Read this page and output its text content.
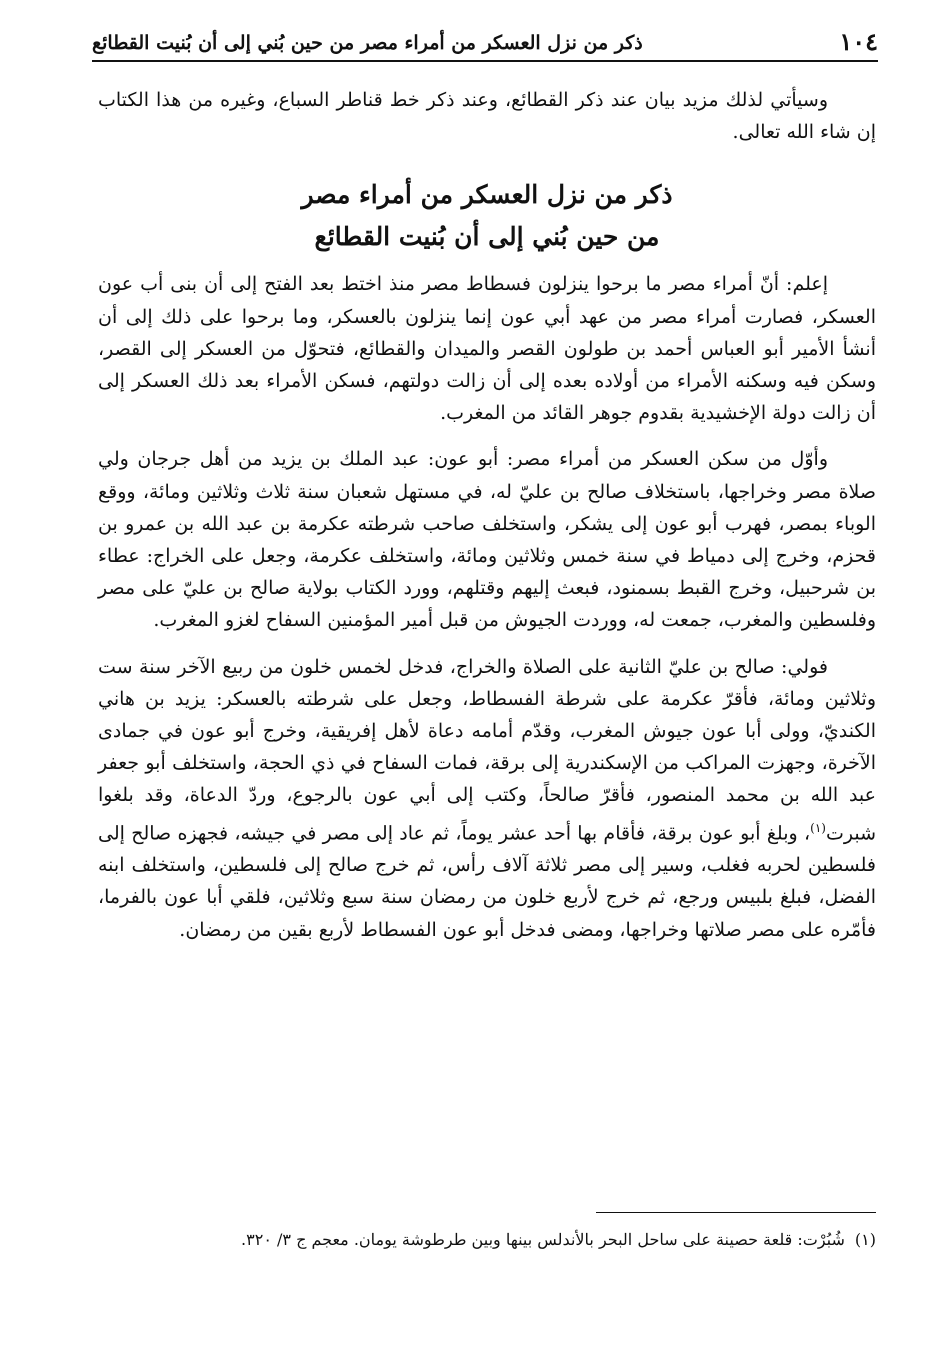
١٠٤
ذكر من نزل العسكر من أمراء مصر من حين بُني إلى أن بُنيت القطائع

وسيأتي لذلك مزيد بيان عند ذكر القطائع، وعند ذكر خط قناطر السباع، وغيره من هذا الكتاب إن شاء الله تعالى.

ذكر من نزل العسكر من أمراء مصر
من حين بُني إلى أن بُنيت القطائع

إعلم: أنّ أمراء مصر ما برحوا ينزلون فسطاط مصر منذ اختط بعد الفتح إلى أن بنى أب عون العسكر، فصارت أمراء مصر من عهد أبي عون إنما ينزلون بالعسكر، وما برحوا على ذلك إلى أن أنشأ الأمير أبو العباس أحمد بن طولون القصر والميدان والقطائع، فتحوّل من العسكر إلى القصر، وسكن فيه وسكنه الأمراء من أولاده بعده إلى أن زالت دولتهم، فسكن الأمراء بعد ذلك العسكر إلى أن زالت دولة الإخشيدية بقدوم جوهر القائد من المغرب.

وأوّل من سكن العسكر من أمراء مصر: أبو عون: عبد الملك بن يزيد من أهل جرجان ولي صلاة مصر وخراجها، باستخلاف صالح بن عليّ له، في مستهل شعبان سنة ثلاث وثلاثين ومائة، ووقع الوباء بمصر، فهرب أبو عون إلى يشكر، واستخلف صاحب شرطته عكرمة بن عبد الله بن عمرو بن قحزم، وخرج إلى دمياط في سنة خمس وثلاثين ومائة، واستخلف عكرمة، وجعل على الخراج: عطاء بن شرحبيل، وخرج القبط بسمنود، فبعث إليهم وقتلهم، وورد الكتاب بولاية صالح بن عليّ على مصر وفلسطين والمغرب، جمعت له، ووردت الجيوش من قبل أمير المؤمنين السفاح لغزو المغرب.

فولي: صالح بن عليّ الثانية على الصلاة والخراج، فدخل لخمس خلون من ربيع الآخر سنة ست وثلاثين ومائة، فأقرّ عكرمة على شرطة الفسطاط، وجعل على شرطته بالعسكر: يزيد بن هاني الكنديّ، وولى أبا عون جيوش المغرب، وقدّم أمامه دعاة لأهل إفريقية، وخرج أبو عون في جمادى الآخرة، وجهزت المراكب من الإسكندرية إلى برقة، فمات السفاح في ذي الحجة، واستخلف أبو جعفر عبد الله بن محمد المنصور، فأقرّ صالحاً، وكتب إلى أبي عون بالرجوع، وردّ الدعاة، وقد بلغوا شبرت$^{(١)}$، وبلغ أبو عون برقة، فأقام بها أحد عشر يوماً، ثم عاد إلى مصر في جيشه، فجهزه صالح إلى فلسطين لحربه فغلب، وسير إلى مصر ثلاثة آلاف رأس، ثم خرج صالح إلى فلسطين، واستخلف ابنه الفضل، فبلغ بلبيس ورجع، ثم خرج لأربع خلون من رمضان سنة سبع وثلاثين، فلقي أبا عون بالفرما، فأمّره على مصر صلاتها وخراجها، ومضى فدخل أبو عون الفسطاط لأربع بقين من رمضان.

(١)
شُبُرْت: قلعة حصينة على ساحل البحر بالأندلس بينها وبين طرطوشة يومان. معجم ج ٣/ ٣٢٠.
